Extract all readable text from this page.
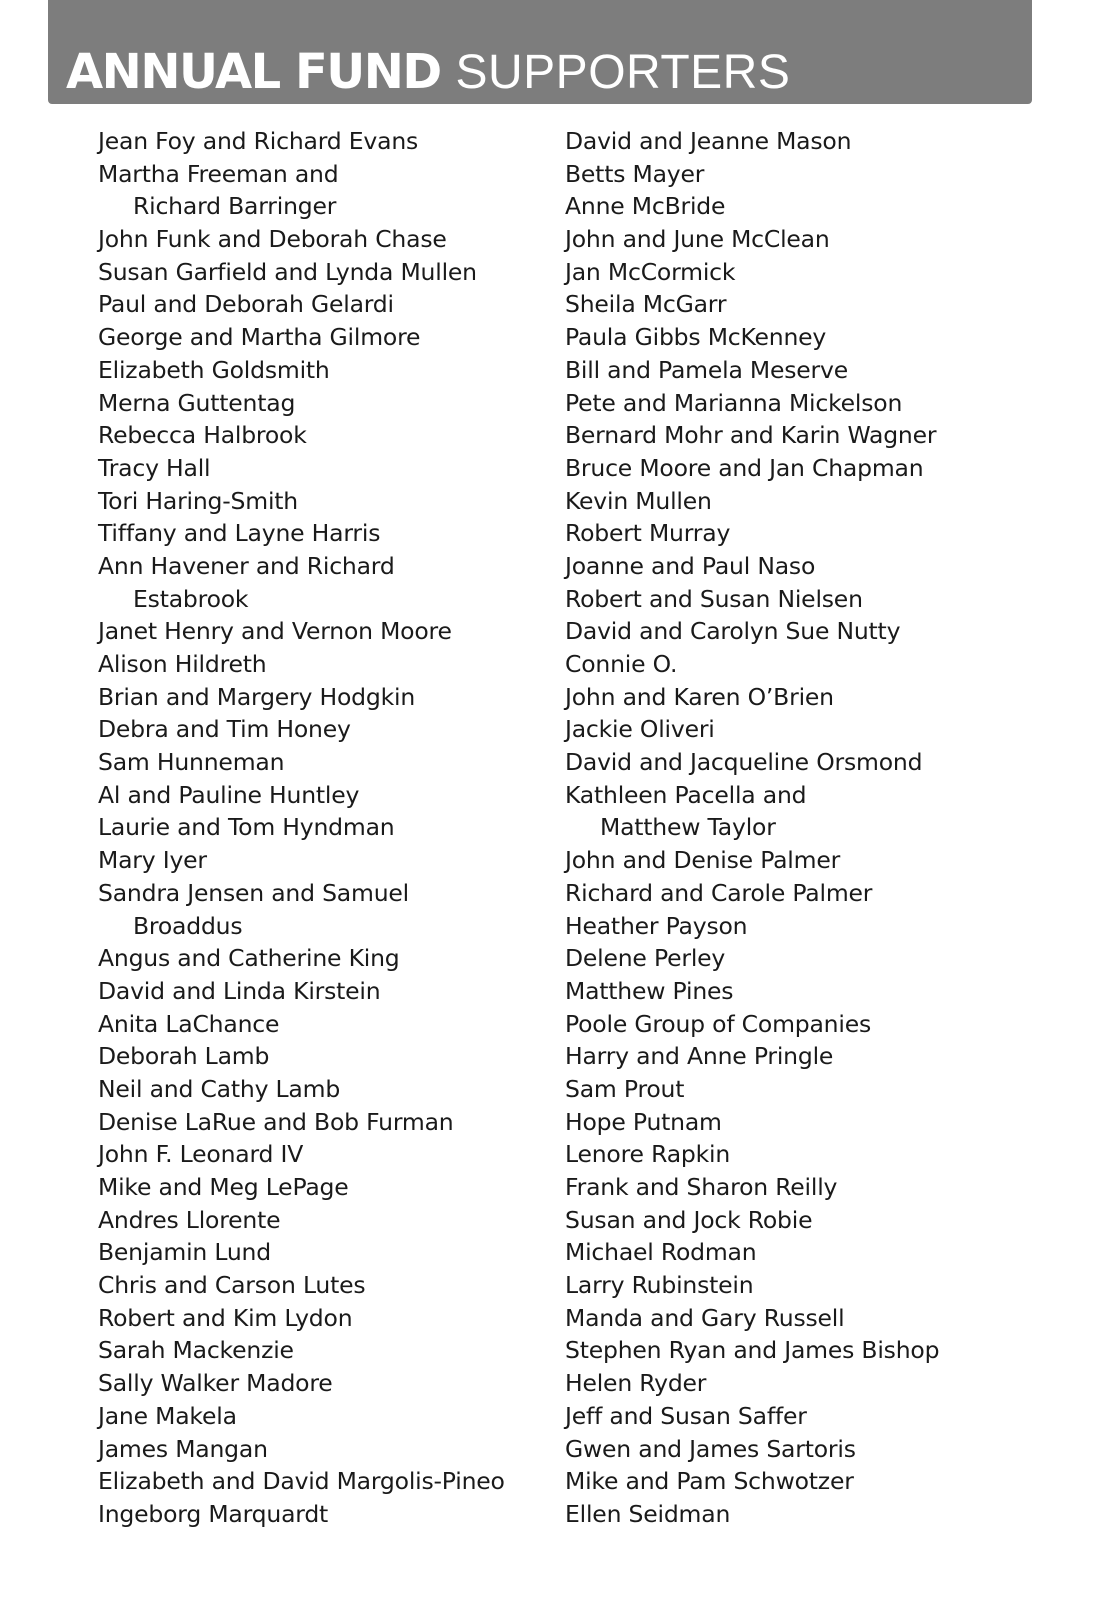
ANNUAL FUND SUPPORTERS
Jean Foy and Richard Evans
Martha Freeman and
Richard Barringer
John Funk and Deborah Chase
Susan Garfield and Lynda Mullen
Paul and Deborah Gelardi
George and Martha Gilmore
Elizabeth Goldsmith
Merna Guttentag
Rebecca Halbrook
Tracy Hall
Tori Haring-Smith
Tiffany and Layne Harris
Ann Havener and Richard
Estabrook
Janet Henry and Vernon Moore
Alison Hildreth
Brian and Margery Hodgkin
Debra and Tim Honey
Sam Hunneman
Al and Pauline Huntley
Laurie and Tom Hyndman
Mary Iyer
Sandra Jensen and Samuel
Broaddus
Angus and Catherine King
David and Linda Kirstein
Anita LaChance
Deborah Lamb
Neil and Cathy Lamb
Denise LaRue and Bob Furman
John F. Leonard IV
Mike and Meg LePage
Andres Llorente
Benjamin Lund
Chris and Carson Lutes
Robert and Kim Lydon
Sarah Mackenzie
Sally Walker Madore
Jane Makela
James Mangan
Elizabeth and David Margolis-Pineo
Ingeborg Marquardt
David and Jeanne Mason
Betts Mayer
Anne McBride
John and June McClean
Jan McCormick
Sheila McGarr
Paula Gibbs McKenney
Bill and Pamela Meserve
Pete and Marianna Mickelson
Bernard Mohr and Karin Wagner
Bruce Moore and Jan Chapman
Kevin Mullen
Robert Murray
Joanne and Paul Naso
Robert and Susan Nielsen
David and Carolyn Sue Nutty
Connie O.
John and Karen O’Brien
Jackie Oliveri
David and Jacqueline Orsmond
Kathleen Pacella and
Matthew Taylor
John and Denise Palmer
Richard and Carole Palmer
Heather Payson
Delene Perley
Matthew Pines
Poole Group of Companies
Harry and Anne Pringle
Sam Prout
Hope Putnam
Lenore Rapkin
Frank and Sharon Reilly
Susan and Jock Robie
Michael Rodman
Larry Rubinstein
Manda and Gary Russell
Stephen Ryan and James Bishop
Helen Ryder
Jeff and Susan Saffer
Gwen and James Sartoris
Mike and Pam Schwotzer
Ellen Seidman
